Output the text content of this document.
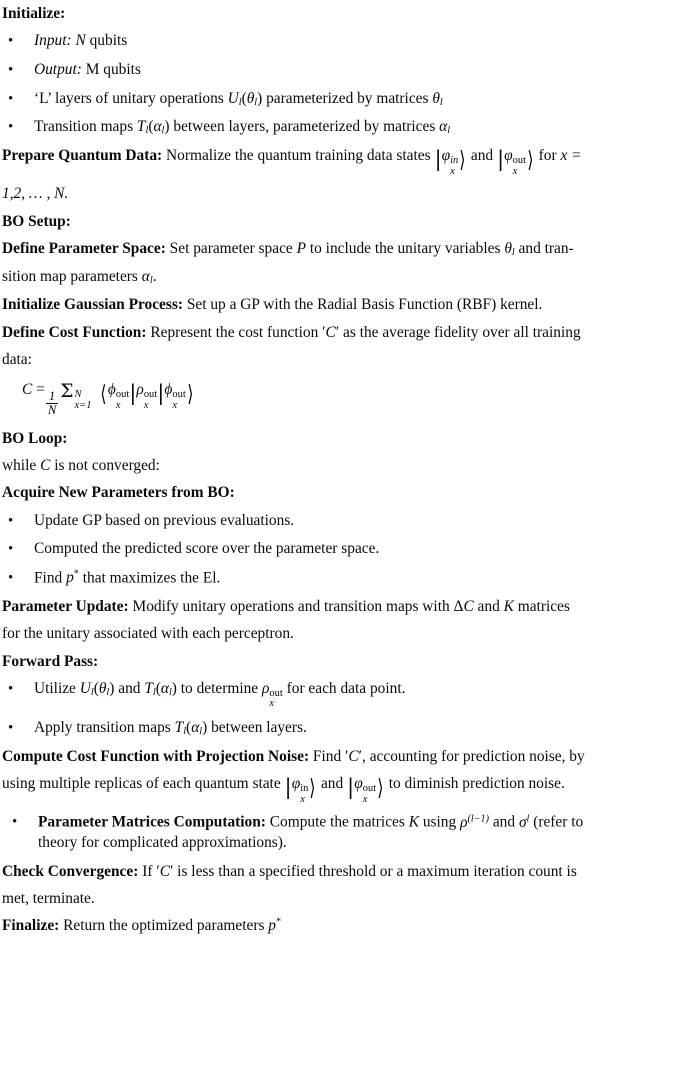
Initialize:
•	Input: N qubits
•	Output: M qubits
•	‘L’ layers of unitary operations $U_l(\theta_l)$ parameterized by matrices $\theta_l$
•	Transition maps $T_l(\alpha_l)$ between layers, parameterized by matrices $\alpha_l$
Prepare Quantum Data: Normalize the quantum training data states |φ in
x ⟩ and |φ out
x ⟩ for x =
1,2, … , N.
BO Setup:
Define Parameter Space: Set parameter space P to include the unitary variables $\theta_l$ and tran-
sition map parameters $\alpha_l$.
Initialize Gaussian Process: Set up a GP with the Radial Basis Function (RBF) kernel.
Define Cost Function: Represent the cost function ′C′ as the average fidelity over all training
data:
C =
$\frac{1}{N}$ Σ N
x=1 ⟨ϕ out
x |ρ out
x |ϕ out
x ⟩
BO Loop:
while C is not converged:
Acquire New Parameters from BO:
•	Update GP based on previous evaluations.
•	Computed the predicted score over the parameter space.
•	Find p* that maximizes the El.
Parameter Update: Modify unitary operations and transition maps with ΔC and K matrices
for the unitary associated with each perceptron.
Forward Pass:
•	Utilize $U_l(\theta_l)$ and $T_l(\alpha_l)$ to determine ρ out
x
for each data point.
•	Apply transition maps $T_l(\alpha_l)$ between layers.
Compute Cost Function with Projection Noise: Find ′C′, accounting for prediction noise, by
using multiple replicas of each quantum state |φ in
x ⟩ and |φ out
x ⟩ to diminish prediction noise.
•	Parameter Matrices Computation: Compute the matrices K using $\rho^{(l-1)}$ and $\sigma^l$ (refer to
theory for complicated approximations).
Check Convergence: If ′C′ is less than a specified threshold or a maximum iteration count is
met, terminate.
Finalize: Return the optimized parameters p*
